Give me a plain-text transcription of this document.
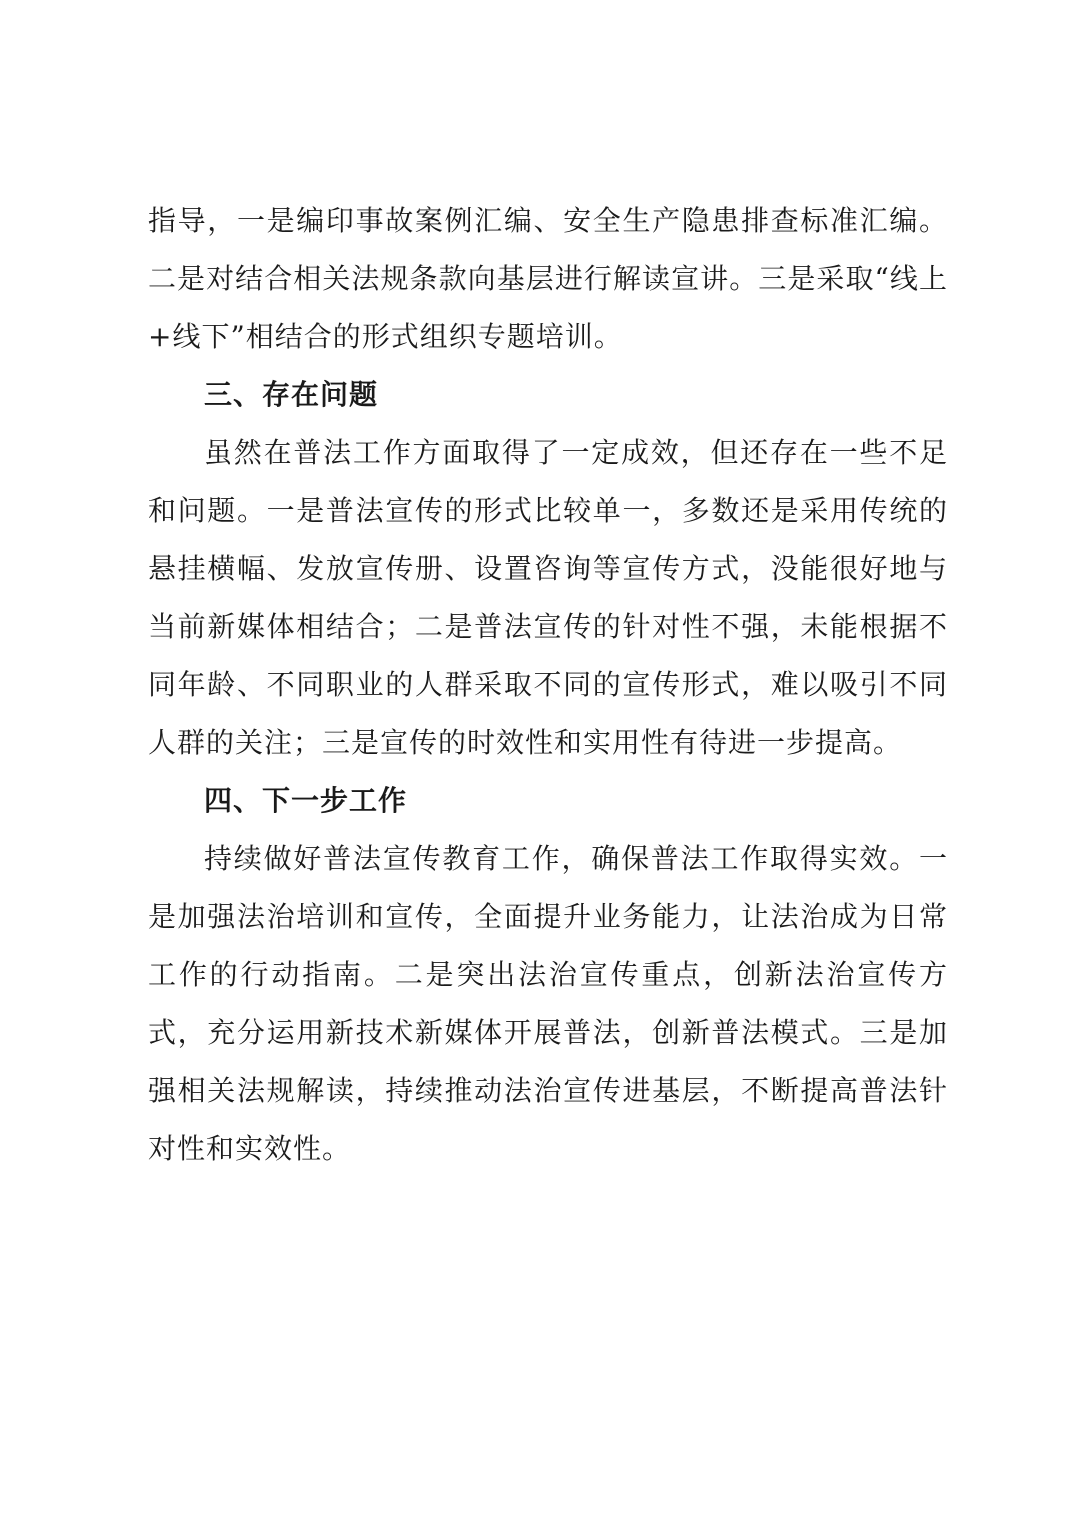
指导，一是编印事故案例汇编、安全生产隐患排查标准汇编。二是对结合相关法规条款向基层进行解读宣讲。三是采取“线上+线下”相结合的形式组织专题培训。

三、存在问题

虽然在普法工作方面取得了一定成效，但还存在一些不足和问题。一是普法宣传的形式比较单一，多数还是采用传统的悬挂横幅、发放宣传册、设置咨询等宣传方式，没能很好地与当前新媒体相结合；二是普法宣传的针对性不强，未能根据不同年龄、不同职业的人群采取不同的宣传形式，难以吸引不同人群的关注；三是宣传的时效性和实用性有待进一步提高。

四、下一步工作

持续做好普法宣传教育工作，确保普法工作取得实效。一是加强法治培训和宣传，全面提升业务能力，让法治成为日常工作的行动指南。二是突出法治宣传重点，创新法治宣传方式，充分运用新技术新媒体开展普法，创新普法模式。三是加强相关法规解读，持续推动法治宣传进基层，不断提高普法针对性和实效性。
